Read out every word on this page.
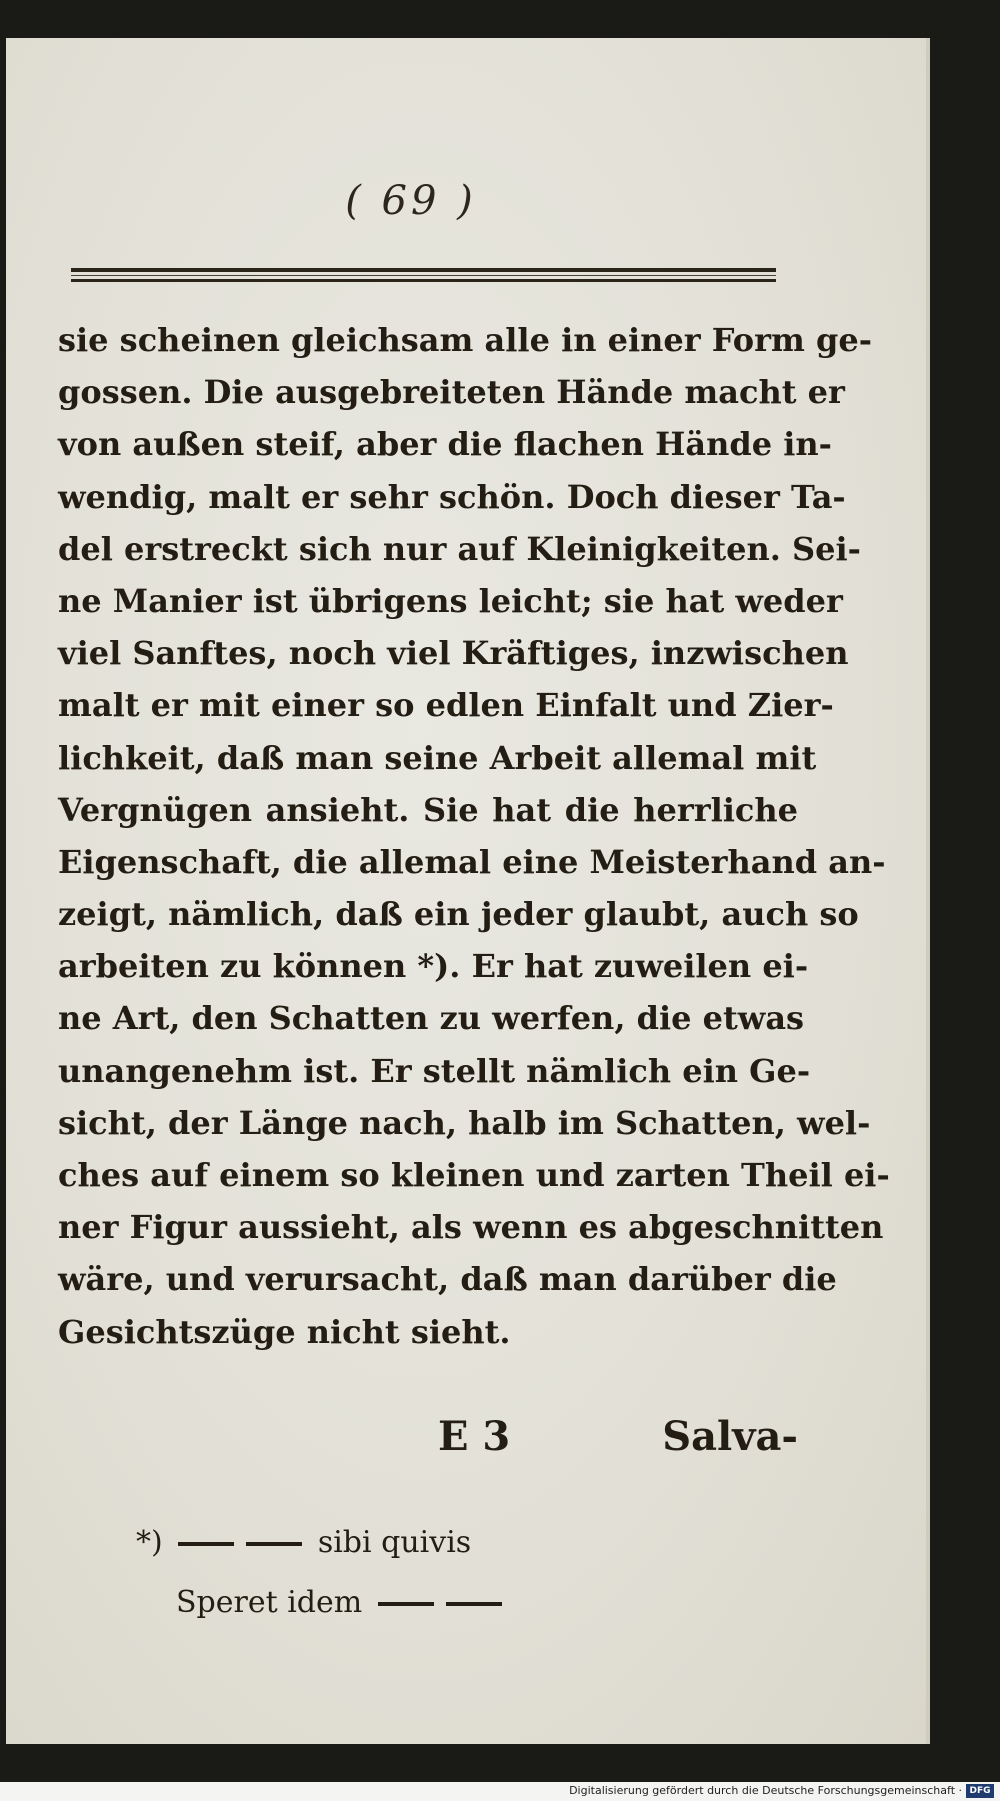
( 69 )
sie scheinen gleichsam alle in einer Form ge-
gossen. Die ausgebreiteten Hände macht er
von außen steif, aber die flachen Hände in-
wendig, malt er sehr schön. Doch dieser Ta-
del erstreckt sich nur auf Kleinigkeiten. Sei-
ne Manier ist übrigens leicht; sie hat weder
viel Sanftes, noch viel Kräftiges, inzwischen
malt er mit einer so edlen Einfalt und Zier-
lichkeit, daß man seine Arbeit allemal mit
Vergnügen ansieht. Sie hat die herrliche
Eigenschaft, die allemal eine Meisterhand an-
zeigt, nämlich, daß ein jeder glaubt, auch so
arbeiten zu können *). Er hat zuweilen ei-
ne Art, den Schatten zu werfen, die etwas
unangenehm ist. Er stellt nämlich ein Ge-
sicht, der Länge nach, halb im Schatten, wel-
ches auf einem so kleinen und zarten Theil ei-
ner Figur aussieht, als wenn es abgeschnitten
wäre, und verursacht, daß man darüber die
Gesichtszüge nicht sieht.
E 3	Salva-
*)	sibi quivis
Speret idem
Digitalisierung gefördert durch die Deutsche Forschungsgemeinschaft · DFG
